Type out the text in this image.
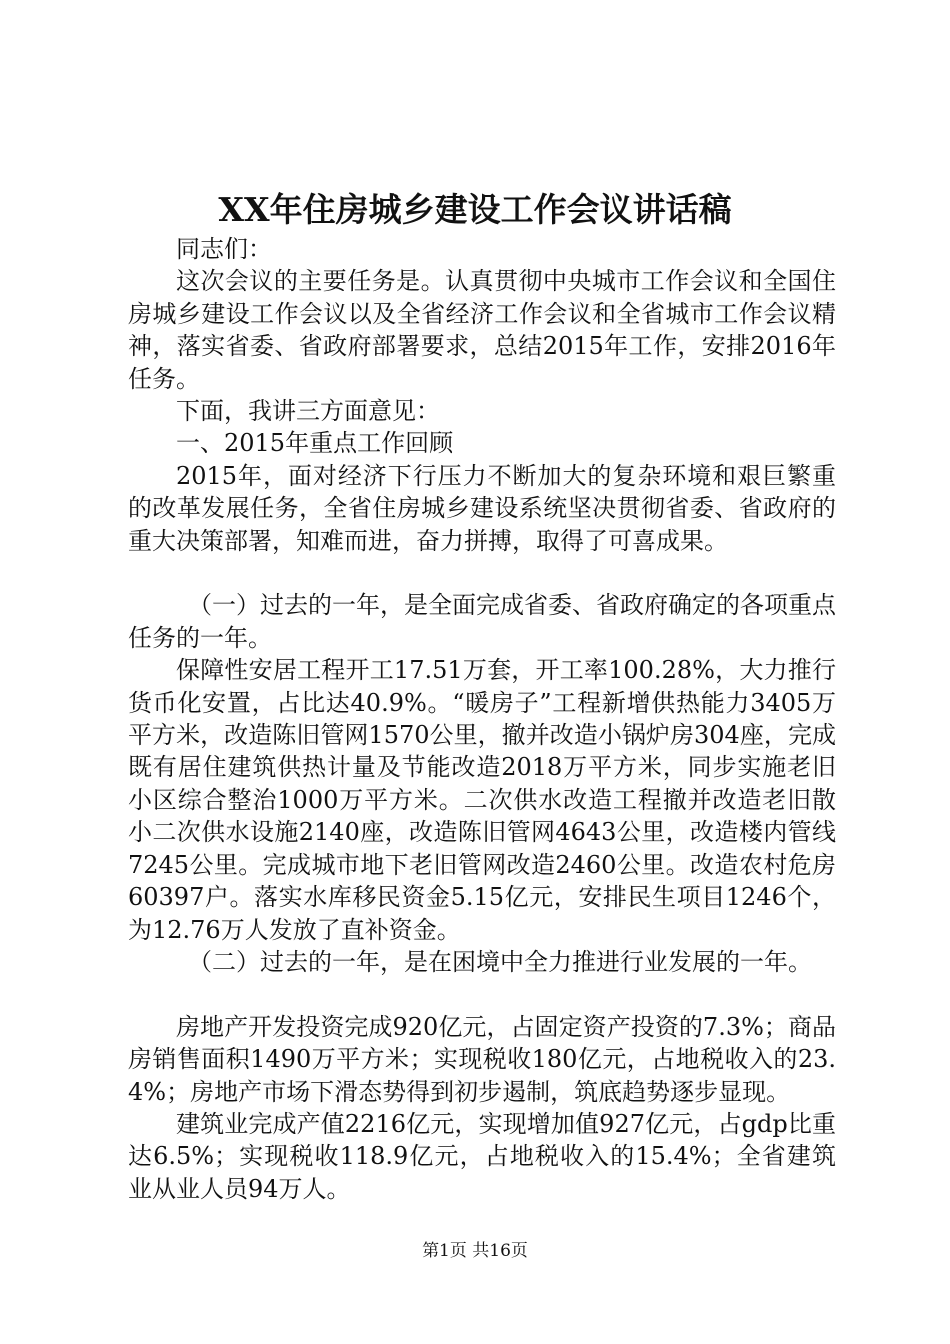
XX年住房城乡建设工作会议讲话稿

同志们：

这次会议的主要任务是。认真贯彻中央城市工作会议和全国住房城乡建设工作会议以及全省经济工作会议和全省城市工作会议精神，落实省委、省政府部署要求，总结2015年工作，安排2016年任务。

下面，我讲三方面意见：

一、2015年重点工作回顾

2015年，面对经济下行压力不断加大的复杂环境和艰巨繁重的改革发展任务，全省住房城乡建设系统坚决贯彻省委、省政府的重大决策部署，知难而进，奋力拼搏，取得了可喜成果。

（一）过去的一年，是全面完成省委、省政府确定的各项重点任务的一年。

保障性安居工程开工17.51万套，开工率100.28%，大力推行货币化安置，占比达40.9%。“暖房子”工程新增供热能力3405万平方米，改造陈旧管网1570公里，撤并改造小锅炉房304座，完成既有居住建筑供热计量及节能改造2018万平方米，同步实施老旧小区综合整治1000万平方米。二次供水改造工程撤并改造老旧散小二次供水设施2140座，改造陈旧管网4643公里，改造楼内管线7245公里。完成城市地下老旧管网改造2460公里。改造农村危房60397户。落实水库移民资金5.15亿元，安排民生项目1246个，为12.76万人发放了直补资金。

（二）过去的一年，是在困境中全力推进行业发展的一年。

房地产开发投资完成920亿元，占固定资产投资的7.3%；商品房销售面积1490万平方米；实现税收180亿元，占地税收入的23.4%；房地产市场下滑态势得到初步遏制，筑底趋势逐步显现。

建筑业完成产值2216亿元，实现增加值927亿元，占gdp比重达6.5%；实现税收118.9亿元，占地税收入的15.4%；全省建筑业从业人员94万人。

第1页 共16页
